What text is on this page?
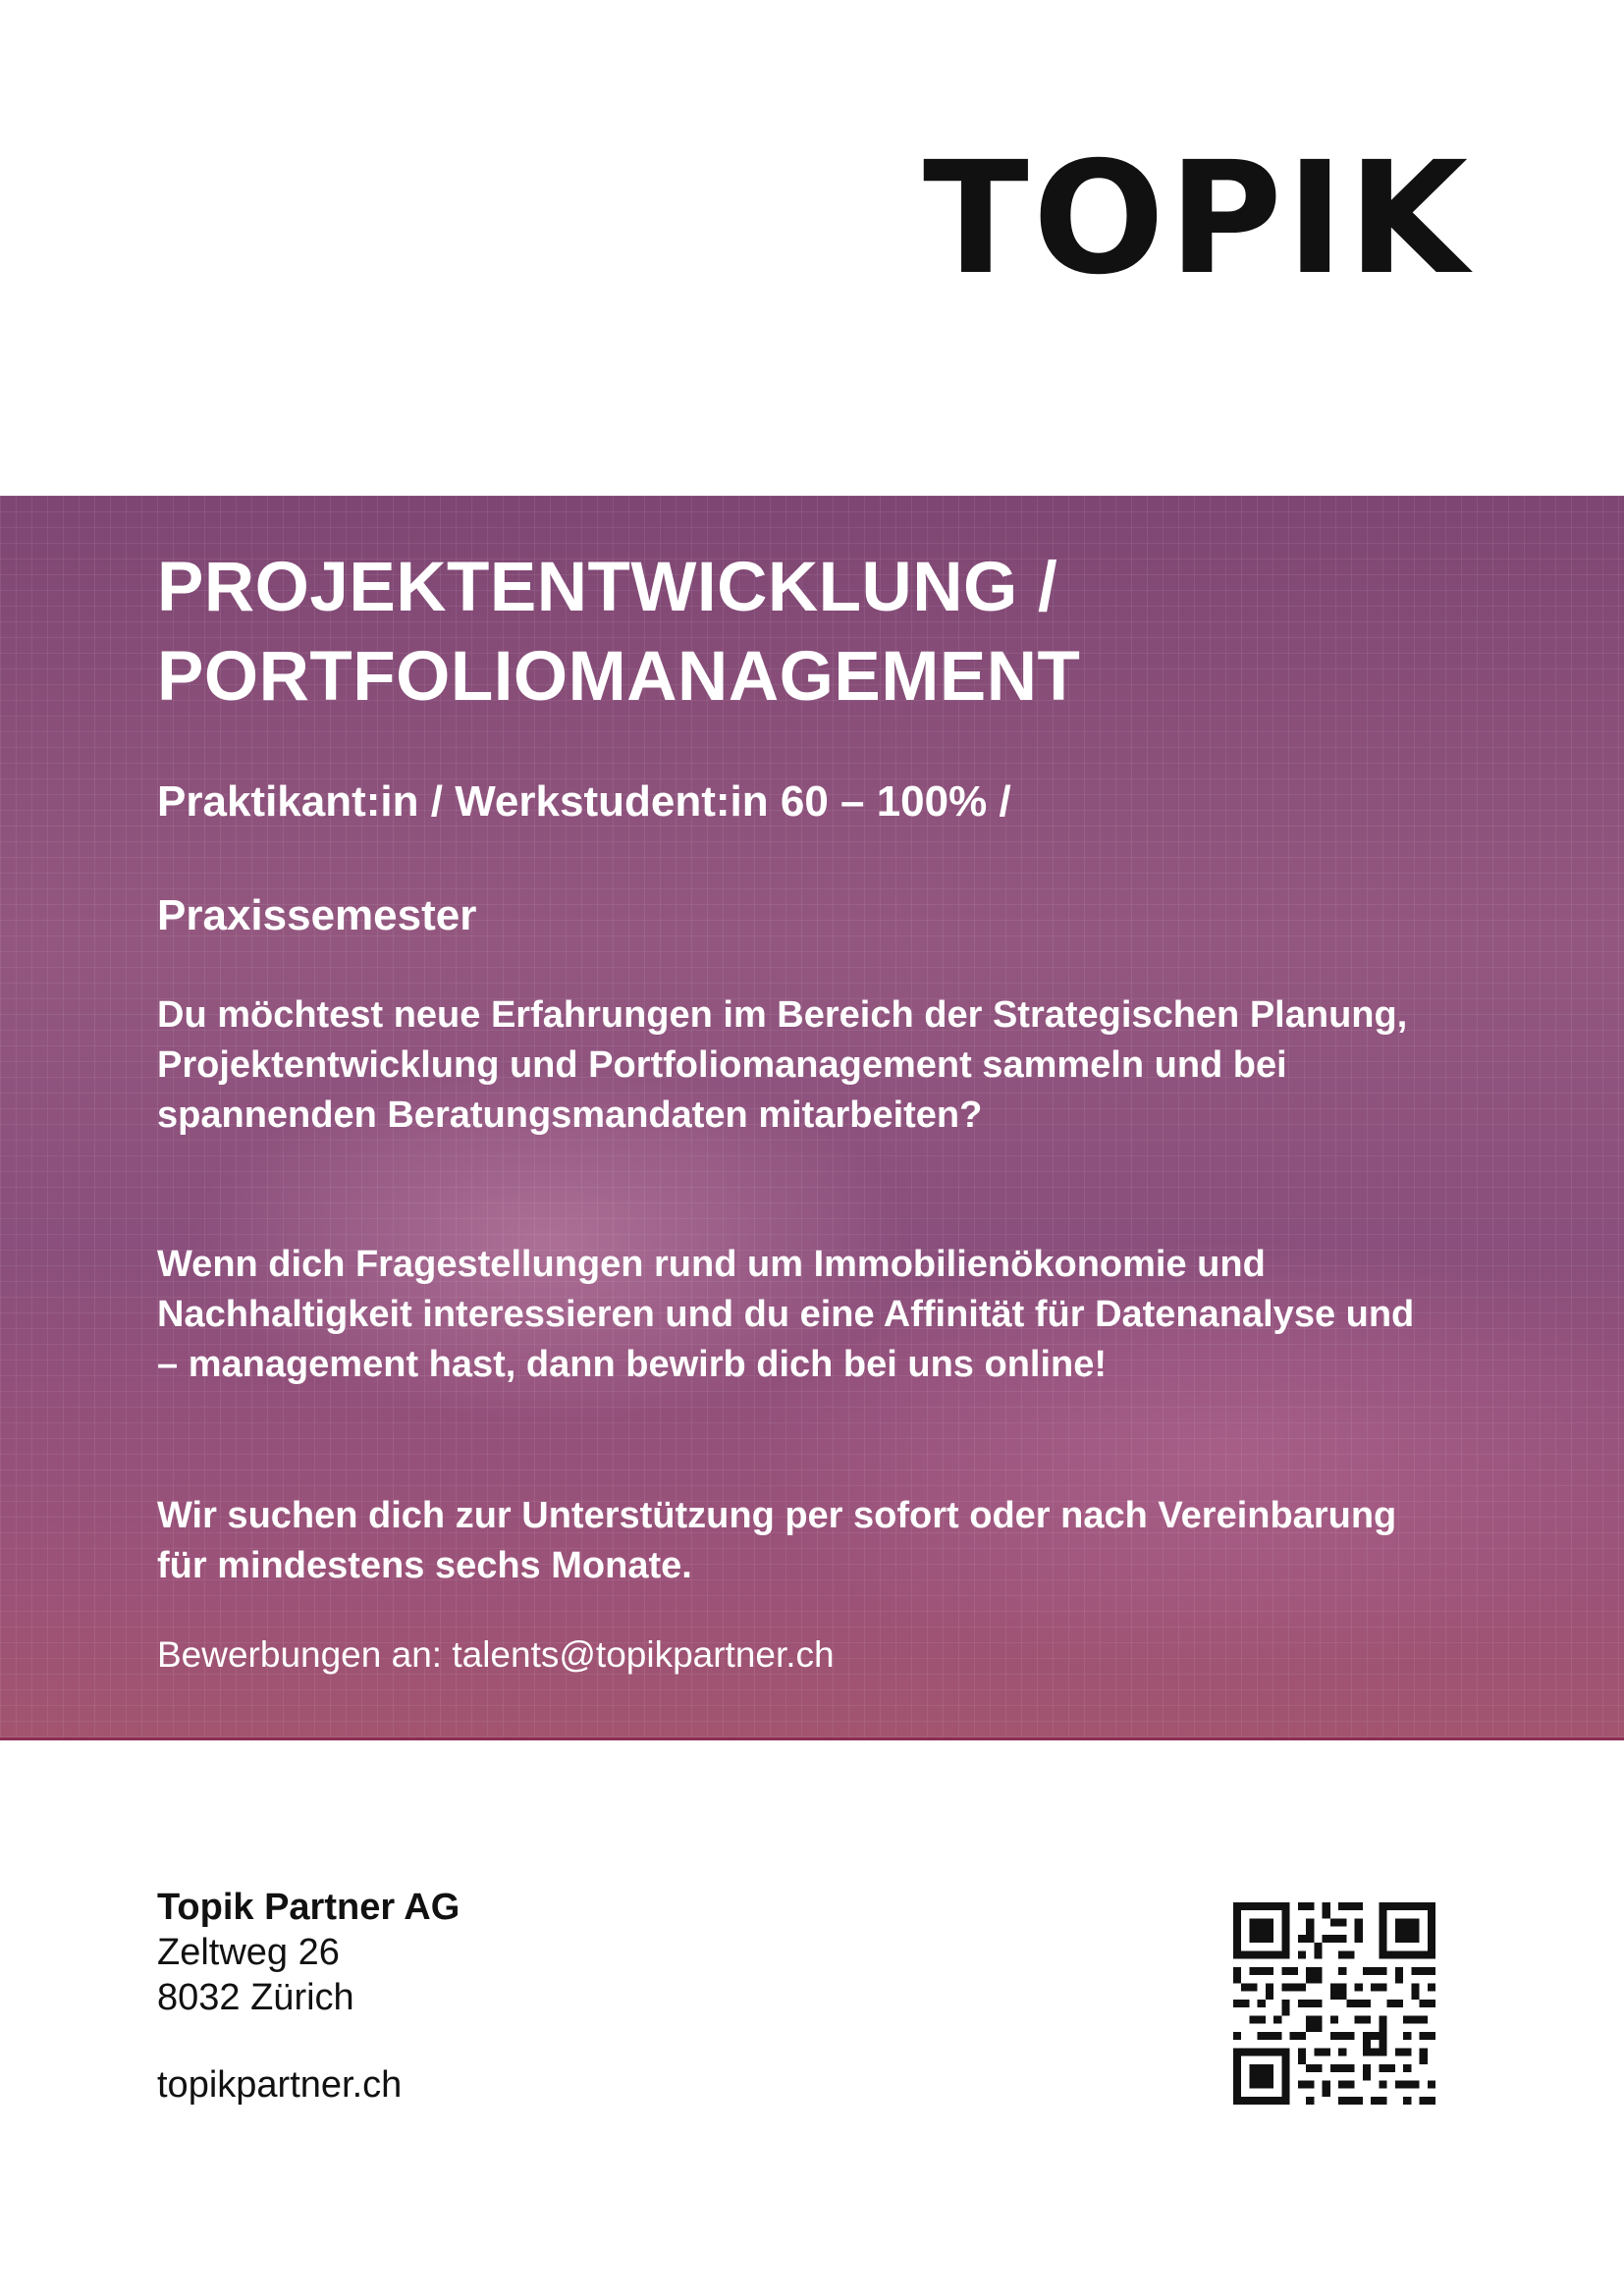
TOPIK

PROJEKTENTWICKLUNG /

PORTFOLIOMANAGEMENT

Praktikant:in / Werkstudent:in 60 – 100% /

Praxissemester

Du möchtest neue Erfahrungen im Bereich der Strategischen Planung, Projektentwicklung und Portfoliomanagement sammeln und bei spannenden Beratungsmandaten mitarbeiten?

Wenn dich Fragestellungen rund um Immobilienökonomie und Nachhaltigkeit interessieren und du eine Affinität für Datenanalyse und – management hast, dann bewirb dich bei uns online!

Wir suchen dich zur Unterstützung per sofort oder nach Vereinbarung für mindestens sechs Monate.

Bewerbungen an: talents@topikpartner.ch

Topik Partner AG

Zeltweg 26

8032 Zürich

topikpartner.ch
